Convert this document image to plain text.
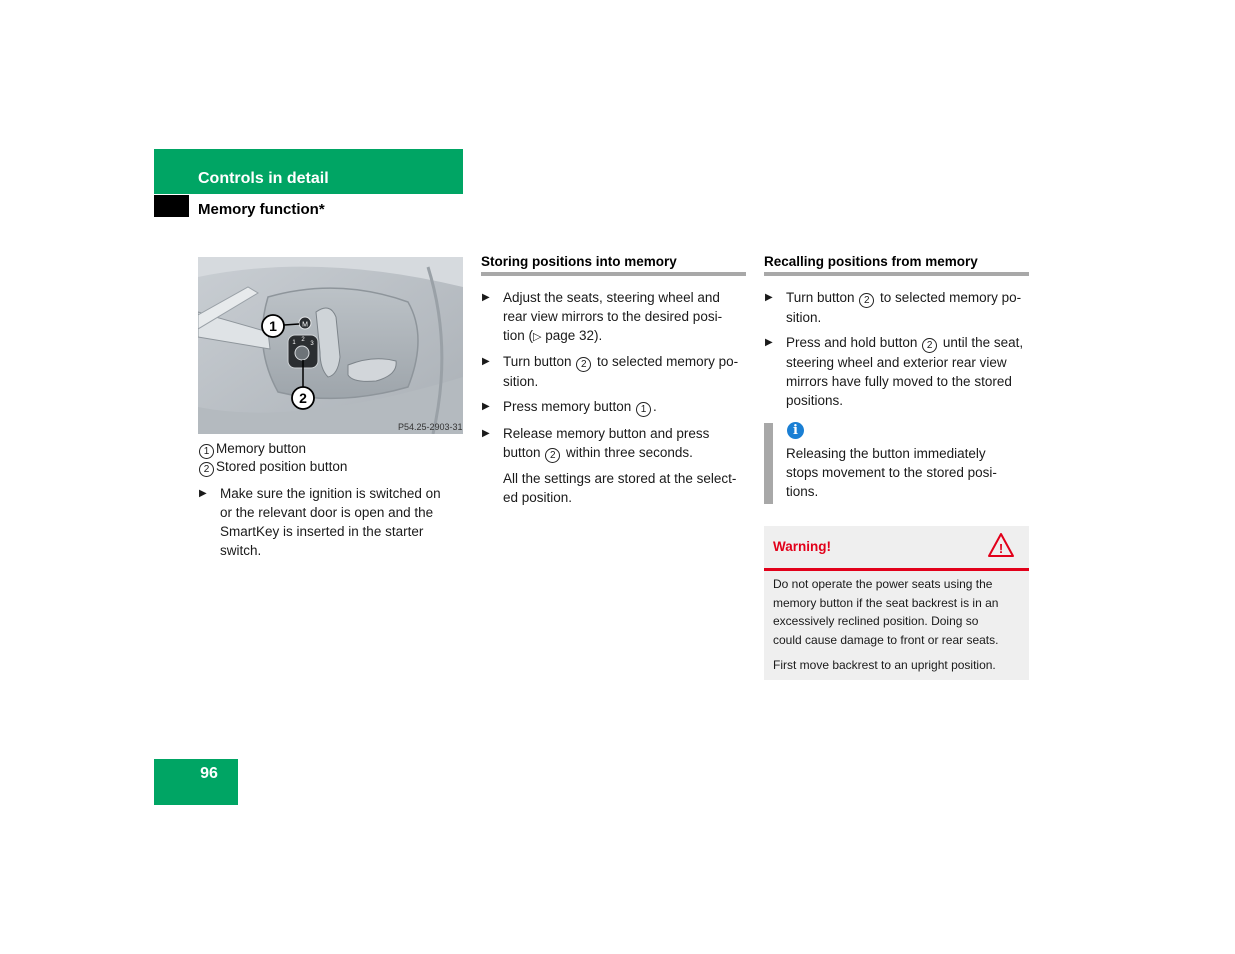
Controls in detail
Memory function*
M
1 2
3
1
2
P54.25-2903-31
1 Memory button
2 Stored position button
▶ Make sure the ignition is switched on
or the relevant door is open and the
SmartKey is inserted in the starter
switch.
Storing positions into memory
▶ Adjust the seats, steering wheel and
rear view mirrors to the desired posi-
tion (▷ page 32).
▶ Turn button 2 to selected memory po-
sition.
▶ Press memory button 1 .
▶ Release memory button and press
button 2 within three seconds.
All the settings are stored at the select-
ed position.
Recalling positions from memory
▶ Turn button 2 to selected memory po-
sition.
▶ Press and hold button 2 until the seat,
steering wheel and exterior rear view
mirrors have fully moved to the stored
positions.
i
Releasing the button immediately
stops movement to the stored posi-
tions.
Warning!	!
Do not operate the power seats using the
memory button if the seat backrest is in an
excessively reclined position. Doing so
could cause damage to front or rear seats.
First move backrest to an upright position.
96
